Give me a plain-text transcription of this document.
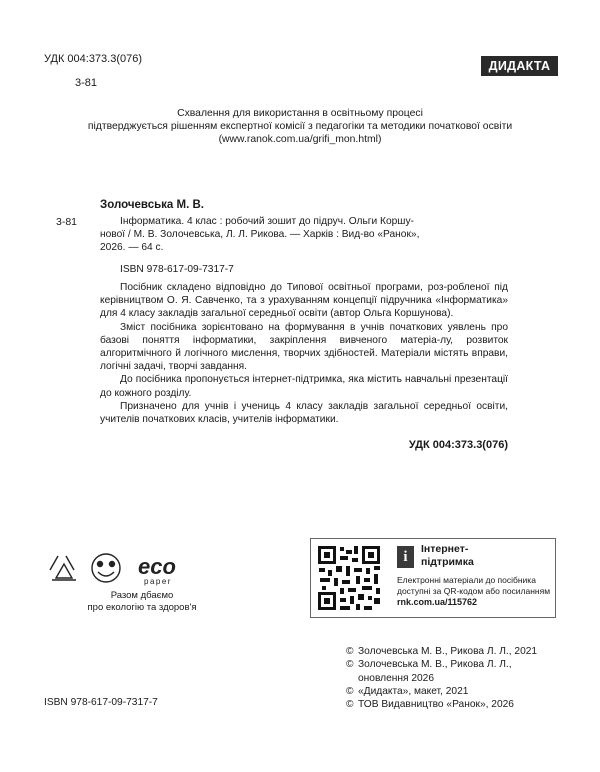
УДК 004:373.3(076)
3-81
ДИДАКТА
Схвалення для використання в освітньому процесі
підтверджується рішенням експертної комісії з педагогіки та методики початкової освіти
(www.ranok.com.ua/grifi_mon.html)
Золочевська М. В.
3-81	Інформатика. 4 клас : робочий зошит до підруч. Ольги Коршу-
нової / М. В. Золочевська, Л. Л. Рикова. — Харків : Вид-во «Ранок»,
2026. — 64 с.
ISBN 978-617-09-7317-7

Посібник складено відповідно до Типової освітньої програми, роз-робленої під керівництвом О. Я. Савченко, та з урахуванням концепції підручника «Інформатика» для 4 класу закладів загальної середньої освіти (автор Ольга Коршунова).

Зміст посібника зорієнтовано на формування в учнів початкових уявлень про базові поняття інформатики, закріплення вивченого матеріа-лу, розвиток алгоритмічного й логічного мислення, творчих здібностей. Матеріали містять вправи, логічні задачі, творчі завдання.

До посібника пропонується інтернет-підтримка, яка містить навчальні презентації до кожного розділу.

Призначено для учнів і учениць 4 класу закладів загальної середньої освіти, учителів початкових класів, учителів інформатики.

УДК 004:373.3(076)
eco
paper
Разом дбаємо
про екологію та здоров'я
i	Інтернет-
підтримка
Електронні матеріали до посібника
доступні за QR-кодом або посиланням
rnk.com.ua/115762
© Золочевська М. В., Рикова Л. Л., 2021
© Золочевська М. В., Рикова Л. Л.,
оновлення 2026
© «Дидакта», макет, 2021
© ТОВ Видавництво «Ранок», 2026
ISBN 978-617-09-7317-7
